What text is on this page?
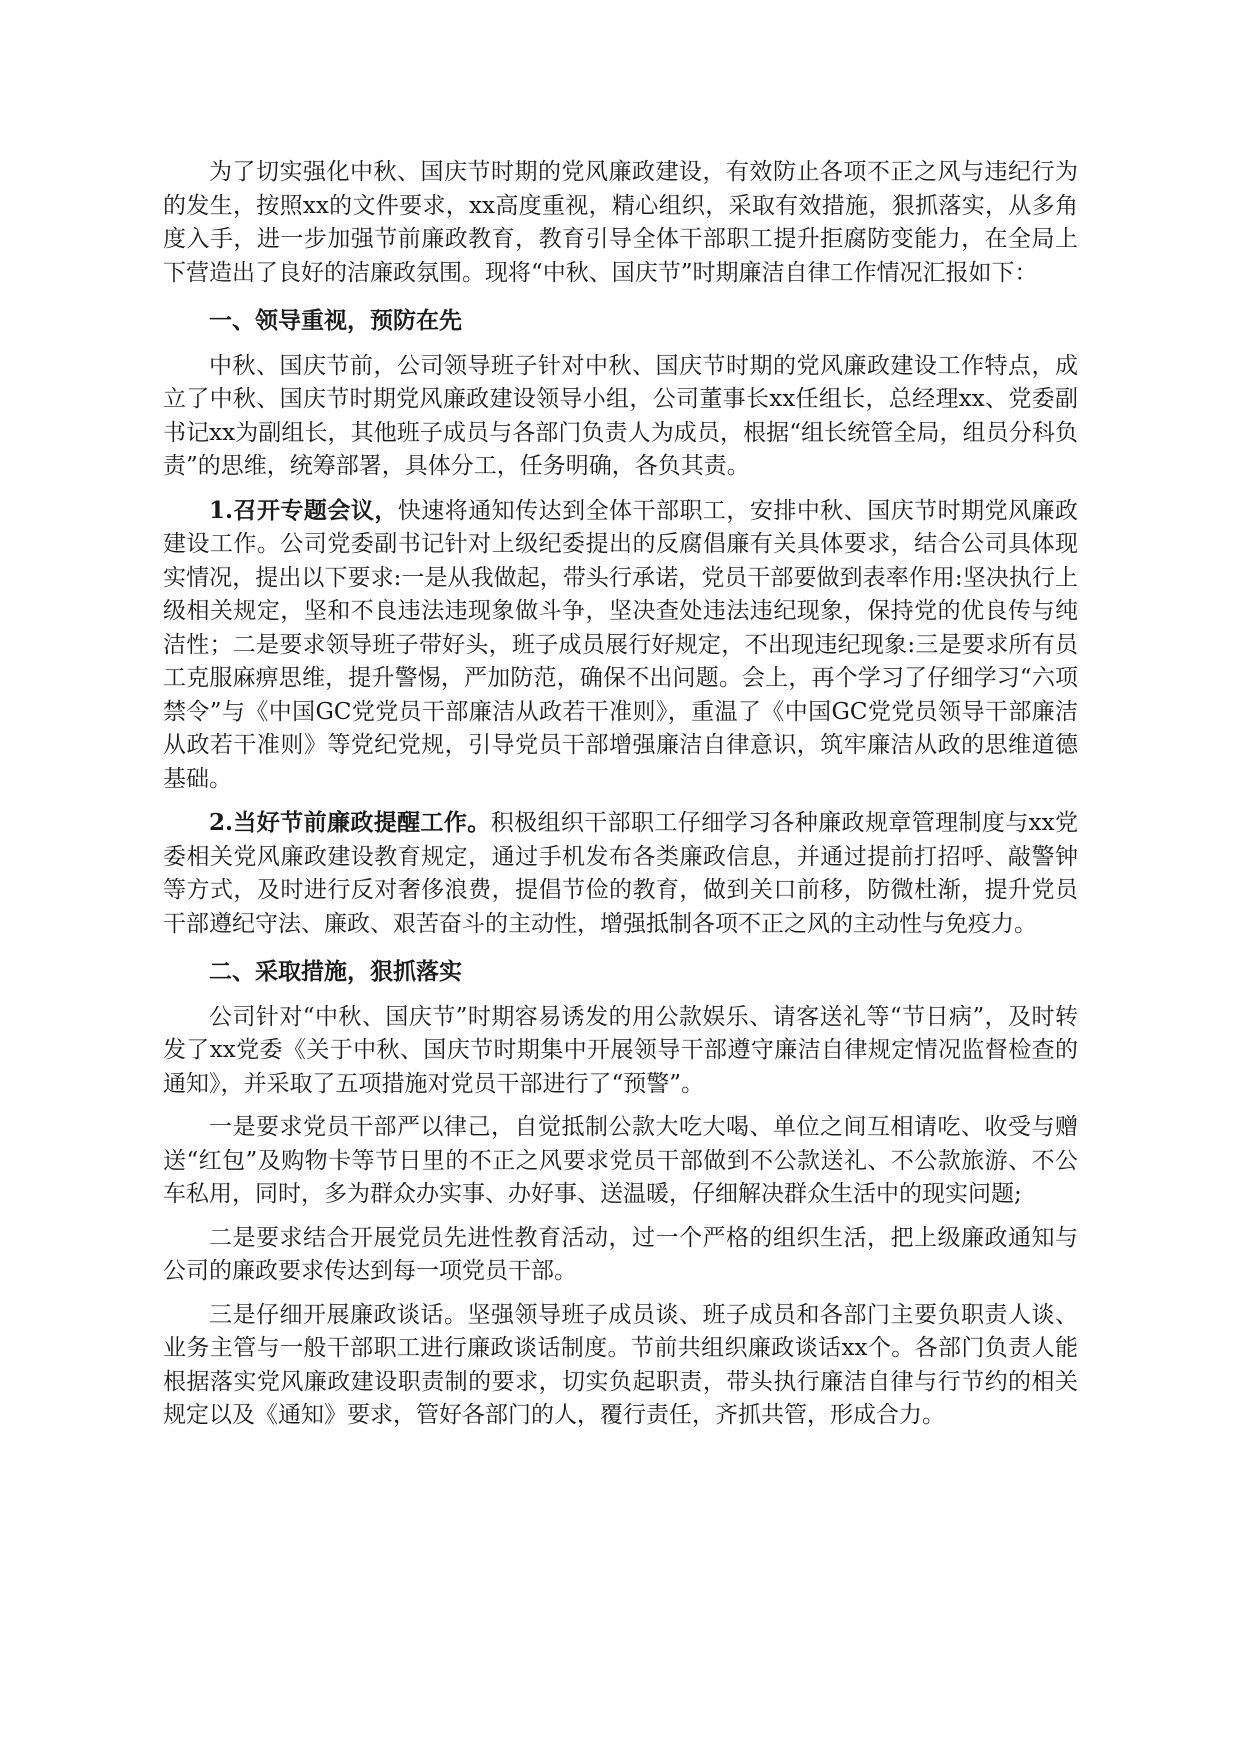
为了切实强化中秋、国庆节时期的党风廉政建设，有效防止各项不正之风与违纪行为的发生，按照xx的文件要求，xx高度重视，精心组织，采取有效措施，狠抓落实，从多角度入手，进一步加强节前廉政教育，教育引导全体干部职工提升拒腐防变能力，在全局上下营造出了良好的洁廉政氛围。现将“中秋、国庆节”时期廉洁自律工作情况汇报如下：

一、领导重视，预防在先

中秋、国庆节前，公司领导班子针对中秋、国庆节时期的党风廉政建设工作特点，成立了中秋、国庆节时期党风廉政建设领导小组，公司董事长xx任组长，总经理xx、党委副书记xx为副组长，其他班子成员与各部门负责人为成员，根据“组长统管全局，组员分科负责”的思维，统筹部署，具体分工，任务明确，各负其责。

1.召开专题会议，快速将通知传达到全体干部职工，安排中秋、国庆节时期党风廉政建设工作。公司党委副书记针对上级纪委提出的反腐倡廉有关具体要求，结合公司具体现实情况，提出以下要求:一是从我做起，带头行承诺，党员干部要做到表率作用:坚决执行上级相关规定，坚和不良违法违现象做斗争，坚决查处违法违纪现象，保持党的优良传与纯洁性；二是要求领导班子带好头，班子成员展行好规定，不出现违纪现象:三是要求所有员工克服麻痹思维，提升警惕，严加防范，确保不出问题。会上，再个学习了仔细学习“六项禁令”与《中国GC党党员干部廉洁从政若干准则》，重温了《中国GC党党员领导干部廉洁从政若干准则》等党纪党规，引导党员干部增强廉洁自律意识，筑牢廉洁从政的思维道德基础。

2.当好节前廉政提醒工作。积极组织干部职工仔细学习各种廉政规章管理制度与xx党委相关党风廉政建设教育规定，通过手机发布各类廉政信息，并通过提前打招呼、敲警钟等方式，及时进行反对奢侈浪费，提倡节俭的教育，做到关口前移，防微杜渐，提升党员干部遵纪守法、廉政、艰苦奋斗的主动性，增强抵制各项不正之风的主动性与免疫力。

二、采取措施，狠抓落实

公司针对“中秋、国庆节”时期容易诱发的用公款娱乐、请客送礼等“节日病”，及时转发了xx党委《关于中秋、国庆节时期集中开展领导干部遵守廉洁自律规定情况监督检查的通知》，并采取了五项措施对党员干部进行了“预警”。

一是要求党员干部严以律己，自觉抵制公款大吃大喝、单位之间互相请吃、收受与赠送“红包”及购物卡等节日里的不正之风要求党员干部做到不公款送礼、不公款旅游、不公车私用，同时，多为群众办实事、办好事、送温暖，仔细解决群众生活中的现实问题;

二是要求结合开展党员先进性教育活动，过一个严格的组织生活，把上级廉政通知与公司的廉政要求传达到每一项党员干部。

三是仔细开展廉政谈话。坚强领导班子成员谈、班子成员和各部门主要负职责人谈、业务主管与一般干部职工进行廉政谈话制度。节前共组织廉政谈话xx个。各部门负责人能根据落实党风廉政建设职责制的要求，切实负起职责，带头执行廉洁自律与行节约的相关规定以及《通知》要求，管好各部门的人，覆行责任，齐抓共管，形成合力。
